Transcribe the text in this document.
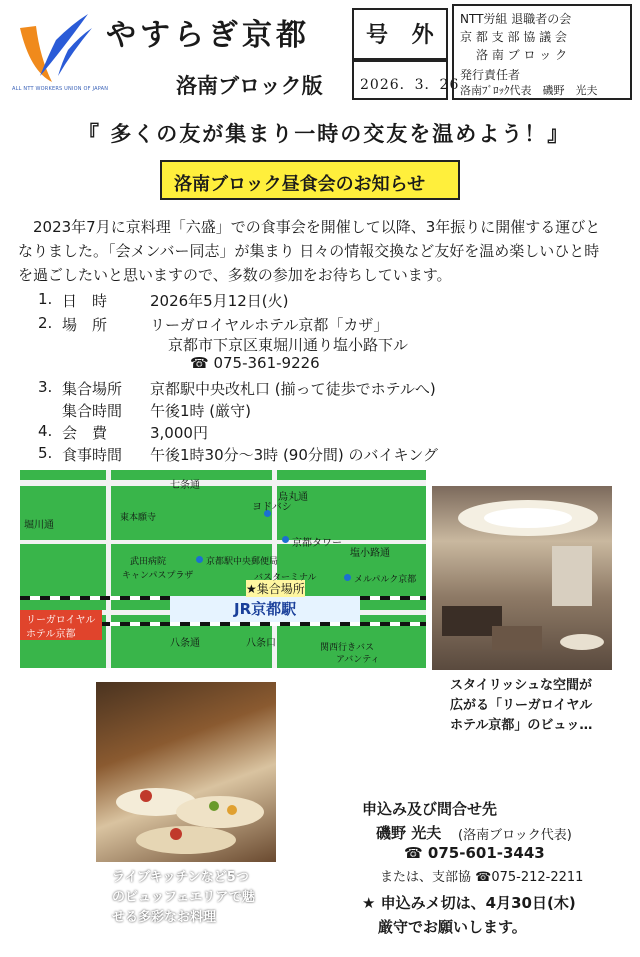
ALL NTT WORKERS UNION OF JAPAN
やすらぎ京都
洛南ブロック版
号 外
2026．3．26
NTT労組 退職者の会
京 都 支 部 協 議 会
洛 南 ブ ロ ッ ク
発行責任者
洛南ﾌﾞﾛｯｸ代表　磯野　光夫
『 多くの友が集まり一時の交友を温めよう！』
洛南ブロック昼食会のお知らせ
　2023年7月に京料理「六盛」での食事会を開催して以降、3年振りに開催する運びと
なりました。「会メンバー同志」が集まり 日々の情報交換など友好を温め楽しいひと時
を過ごしたいと思いますので、多数の参加をお待ちしています。
1. 日　時	2026年5月12日(火)
2. 場　所	リーガロイヤルホテル京都「カザ」
京都市下京区東堀川通り塩小路下ル
☎ 075-361-9226
3. 集合場所 京都駅中央改札口 (揃って徒歩でホテルへ)
集合時間 午後1時 (厳守)
4. 会　費	3,000円
5. 食事時間 午後1時30分～3時 (90分間) のバイキング
JR京都駅
★集合場所
リーガロイヤル
ホテル京都
七条通
堀川通
塩小路通
八条通	八条口
烏丸通
京都タワー
ヨドバシ
京都駅中央郵便局
バスターミナル	メルパルク京都
関西行きバス
アバンティ
キャンパスプラザ
武田病院
東本願寺
スタイリッシュな空間が
広がる「リーガロイヤル
ホテル京都」のビュッ…
ライブキッチンなど5つ
のビュッフェエリアで魅
せる多彩なお料理
申込み及び問合せ先
磯野 光夫 (洛南ブロック代表)
☎ 075-601-3443
または、支部協 ☎075-212-2211
★ 申込みメ切は、4月30日(木)
厳守でお願いします。
